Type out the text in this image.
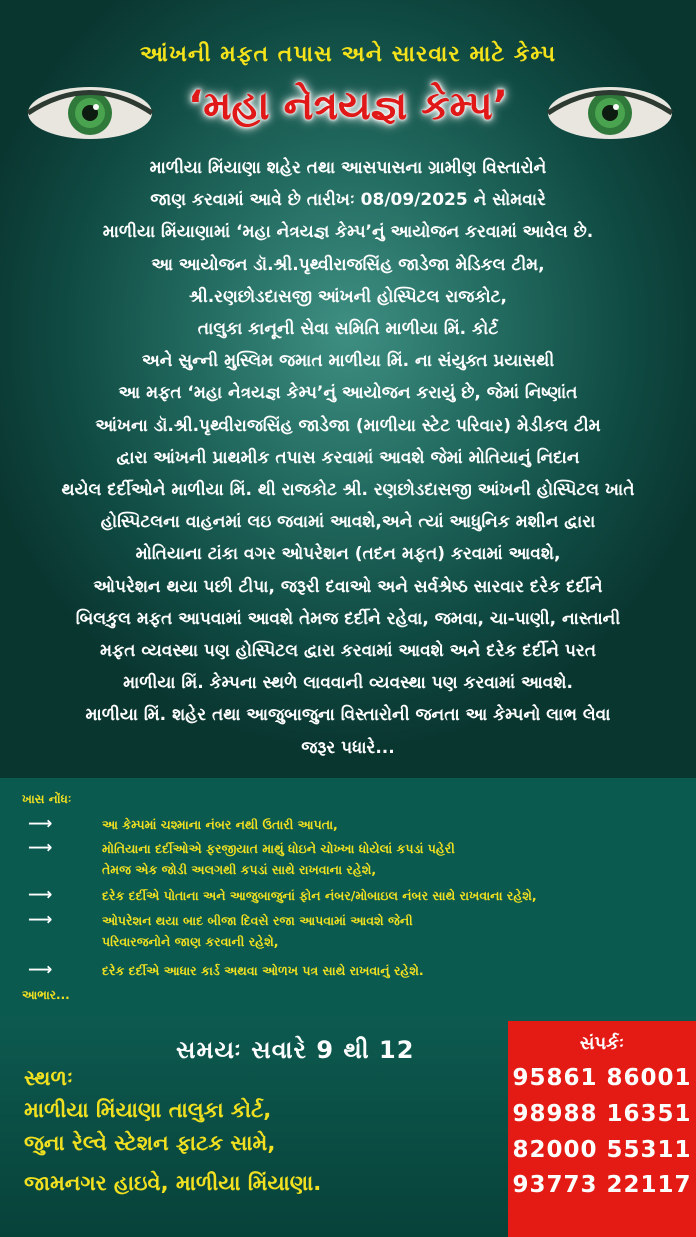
આંખની મફત તપાસ અને સારવાર માટે કેમ્પ
‘મહા નેત્રયજ્ઞ કેમ્પ’
માળીયા મિંયાણા શહેર તથા આસપાસના ગ્રામીણ વિસ્તારોને
જાણ કરવામાં આવે છે તારીખઃ 08/09/2025 ને સોમવારે
માળીયા મિંયાણામાં ‘મહા નેત્રયજ્ઞ કેમ્પ’નું આયોજન કરવામાં આવેલ છે.
આ આયોજન ડૉ.શ્રી.પૃથ્વીરાજસિંહ જાડેજા મેડિકલ ટીમ,
શ્રી.રણછોડદાસજી આંખની હોસ્પિટલ રાજકોટ,
તાલુકા કાનૂની સેવા સમિતિ માળીયા મિં. કોર્ટ
અને સુન્ની મુસ્લિમ જમાત માળીયા મિં. ના સંયુક્ત પ્રયાસથી
આ મફત ‘મહા નેત્રયજ્ઞ કેમ્પ’નું આયોજન કરાયું છે, જેમાં નિષ્ણાંત
આંખના ડૉ.શ્રી.પૃથ્વીરાજસિંહ જાડેજા (માળીયા સ્ટેટ પરિવાર) મેડીકલ ટીમ
દ્વારા આંખની પ્રાથમીક તપાસ કરવામાં આવશે જેમાં મોતિયાનું નિદાન
થયેલ દર્દીઓને માળીયા મિં. થી રાજકોટ શ્રી. રણછોડદાસજી આંખની હોસ્પિટલ ખાતે
હોસ્પિટલના વાહનમાં લઇ જવામાં આવશે,અને ત્યાં આધુનિક મશીન દ્વારા
મોતિયાના ટાંકા વગર ઓપરેશન (તદન મફત) કરવામાં આવશે,
ઓપરેશન થયા પછી ટીપા, જરૂરી દવાઓ અને સર્વશ્રેષ્ઠ સારવાર દરેક દર્દીને
બિલકુલ મફત આપવામાં આવશે તેમજ દર્દીને રહેવા, જમવા, ચા-પાણી, નાસ્તાની
મફત વ્યવસ્થા પણ હોસ્પિટલ દ્વારા કરવામાં આવશે અને દરેક દર્દીને પરત
માળીયા મિં. કેમ્પના સ્થળે લાવવાની વ્યવસ્થા પણ કરવામાં આવશે.
માળીયા મિં. શહેર તથા આજુબાજુના વિસ્તારોની જનતા આ કેમ્પનો લાભ લેવા
જરૂર પધારે...
ખાસ નોંધઃ
⟶	આ કેમ્પમાં ચશ્માના નંબર નથી ઉતારી આપતા,
⟶	મોતિયાના દર્દીઓએ ફરજીયાત માથું ધોઇને ચોખ્ખા ધોયેલાં કપડાં પહેરી
તેમજ એક જોડી અલગથી કપડાં સાથે રાખવાના રહેશે,
⟶	દરેક દર્દીએ પોતાના અને આજુબાજુનાં ફોન નંબર/મોબાઇલ નંબર સાથે રાખવાના રહેશે,
⟶	ઓપરેશન થયા બાદ બીજા દિવસે રજા આપવામાં આવશે જેની
પરિવારજનોને જાણ કરવાની રહેશે,
⟶	દરેક દર્દીએ આધાર કાર્ડ અથવા ઓળખ પત્ર સાથે રાખવાનું રહેશે.
આભાર...
સમયઃ સવારે 9 થી 12
સ્થળઃ
માળીયા મિંયાણા તાલુકા કોર્ટ,
જુના રેલ્વે સ્ટેશન ફાટક સામે,
જામનગર હાઇવે, માળીયા મિંયાણા.
સંપર્કઃ
95861 86001
98988 16351
82000 55311
93773 22117
